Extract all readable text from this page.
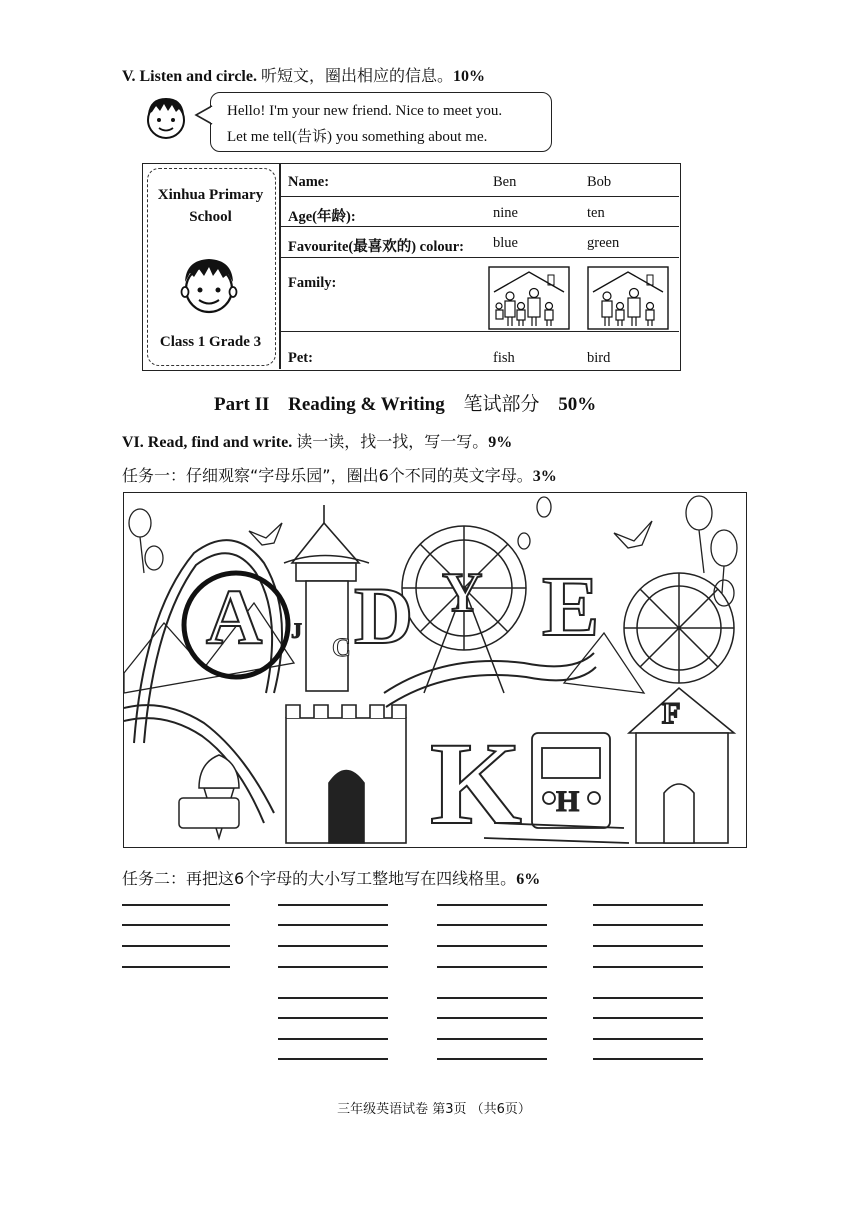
V. Listen and circle. 听短文，圈出相应的信息。10%
Hello! I'm your new friend. Nice to meet you.
Let me tell(告诉) you something about me.
Xinhua Primary
School
Class 1 Grade 3
Name:	Ben	Bob
Age(年龄):	nine	ten
Favourite(最喜欢的) colour: blue	green
Family:
Pet:	fish	bird
Part II Reading & Writing 笔试部分 50%
VI. Read, find and write. 读一读，找一找，写一写。9%
任务一：仔细观察“字母乐园”，圈出6个不同的英文字母。3%
A J
C D Y E
K
F
H
任务二：再把这6个字母的大小写工整地写在四线格里。6%
三年级英语试卷 第3页 （共6页）
